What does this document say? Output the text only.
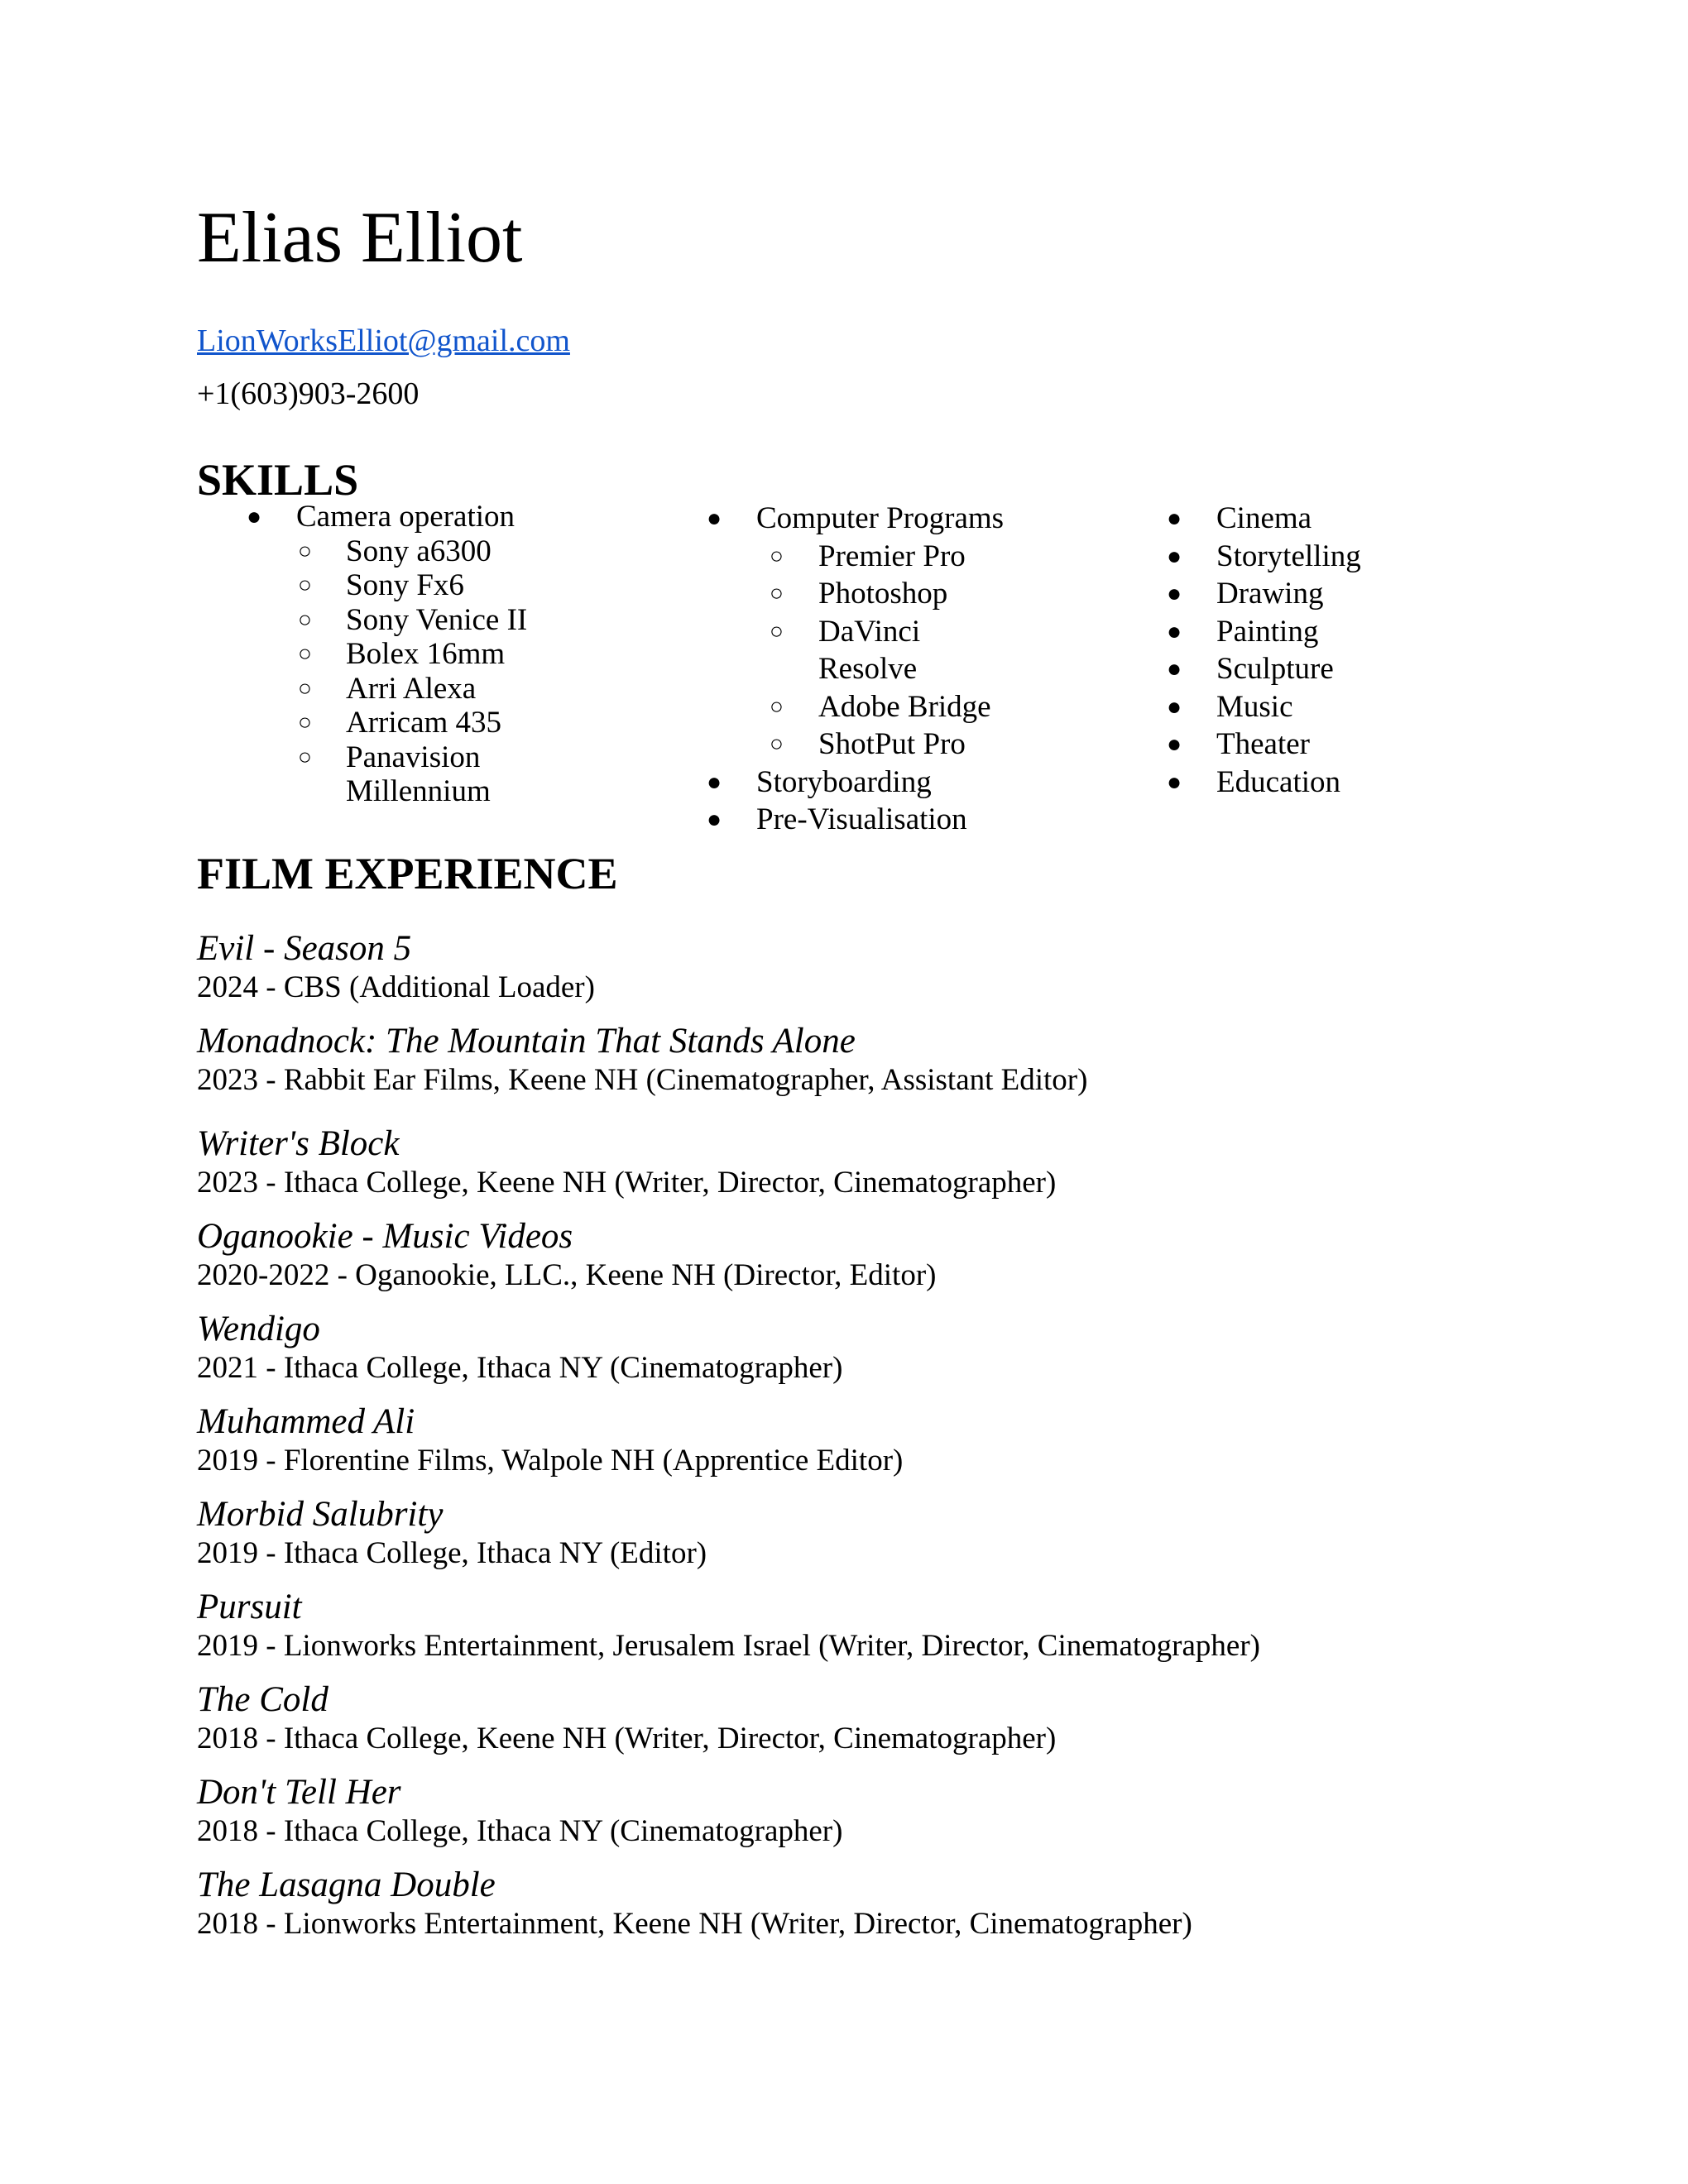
Elias Elliot
LionWorksElliot@gmail.com
+1(603)903-2600
SKILLS
● Camera operation
○ Sony a6300
○ Sony Fx6
○ Sony Venice II
○ Bolex 16mm
○ Arri Alexa
○ Arricam 435
○ Panavision
Millennium
● Computer Programs
○ Premier Pro
○ Photoshop
○ DaVinci
Resolve
○ Adobe Bridge
○ ShotPut Pro
● Storyboarding
● Pre-Visualisation
● Cinema
● Storytelling
● Drawing
● Painting
● Sculpture
● Music
● Theater
● Education
FILM EXPERIENCE
Evil - Season 5
2024 - CBS (Additional Loader)
Monadnock: The Mountain That Stands Alone
2023 - Rabbit Ear Films, Keene NH (Cinematographer, Assistant Editor)
Writer's Block
2023 - Ithaca College, Keene NH (Writer, Director, Cinematographer)
Oganookie - Music Videos
2020-2022 - Oganookie, LLC., Keene NH (Director, Editor)
Wendigo
2021 - Ithaca College, Ithaca NY (Cinematographer)
Muhammed Ali
2019 - Florentine Films, Walpole NH (Apprentice Editor)
Morbid Salubrity
2019 - Ithaca College, Ithaca NY (Editor)
Pursuit
2019 - Lionworks Entertainment, Jerusalem Israel (Writer, Director, Cinematographer)
The Cold
2018 - Ithaca College, Keene NH (Writer, Director, Cinematographer)
Don't Tell Her
2018 - Ithaca College, Ithaca NY (Cinematographer)
The Lasagna Double
2018 - Lionworks Entertainment, Keene NH (Writer, Director, Cinematographer)
